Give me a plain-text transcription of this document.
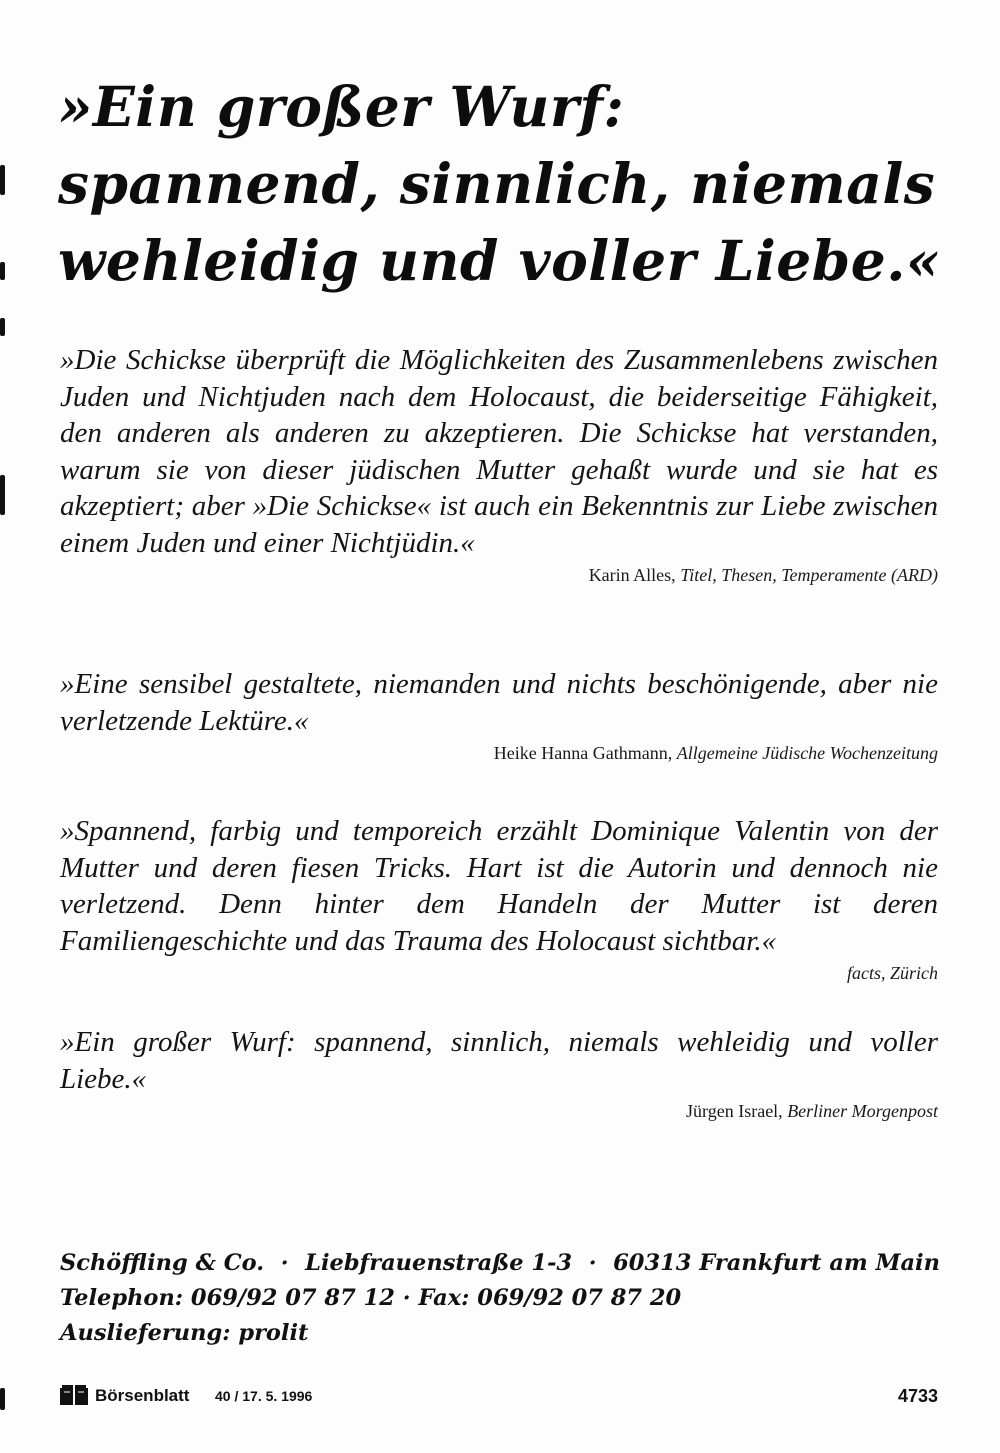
»Ein großer Wurf:
spannend, sinnlich, niemals
wehleidig und voller Liebe.«

»Die Schickse überprüft die Möglichkeiten des Zusammenlebens zwischen Juden und Nichtjuden nach dem Holocaust, die beiderseitige Fähigkeit, den anderen als anderen zu akzeptieren. Die Schickse hat verstanden, warum sie von dieser jüdischen Mutter gehaßt wurde und sie hat es akzeptiert; aber »Die Schickse« ist auch ein Bekenntnis zur Liebe zwischen einem Juden und einer Nichtjüdin.«

Karin Alles, Titel, Thesen, Temperamente (ARD)

»Eine sensibel gestaltete, niemanden und nichts beschönigende, aber nie verletzende Lektüre.«

Heike Hanna Gathmann, Allgemeine Jüdische Wochenzeitung

»Spannend, farbig und temporeich erzählt Dominique Valentin von der Mutter und deren fiesen Tricks. Hart ist die Autorin und dennoch nie verletzend. Denn hinter dem Handeln der Mutter ist deren Familiengeschichte und das Trauma des Holocaust sichtbar.«

facts, Zürich

»Ein großer Wurf: spannend, sinnlich, niemals wehleidig und voller Liebe.«

Jürgen Israel, Berliner Morgenpost

Schöffling & Co. · Liebfrauenstraße 1-3 · 60313 Frankfurt am Main
Telephon: 069/92 07 87 12 · Fax: 069/92 07 87 20
Auslieferung: prolit
Börsenblatt 40 / 17. 5. 1996	4733
